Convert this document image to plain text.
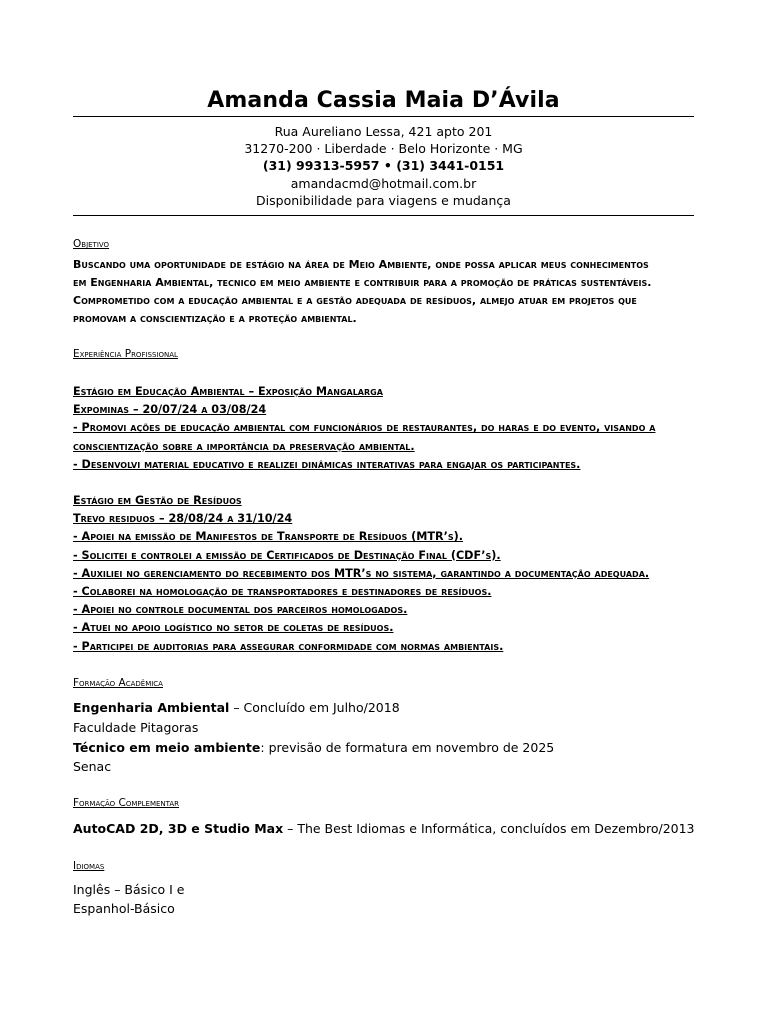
Amanda Cassia Maia D’Ávila
Rua Aureliano Lessa, 421 apto 201
31270-200 · Liberdade · Belo Horizonte · MG
(31) 99313-5957 • (31) 3441-0151
amandacmd@hotmail.com.br
Disponibilidade para viagens e mudança
Objetivo
Buscando uma oportunidade de estágio na área de Meio Ambiente, onde possa aplicar meus conhecimentos
em Engenharia Ambiental, tecnico em meio ambiente e contribuir para a promoção de práticas sustentáveis.
Comprometido com a educação ambiental e a gestão adequada de resíduos, almejo atuar em projetos que
promovam a conscientização e a proteção ambiental.
Experiência Profissional
Estágio em Educação Ambiental – Exposição Mangalarga
Expominas – 20/07/24 a 03/08/24
- Promovi ações de educação ambiental com funcionários de restaurantes, do haras e do evento, visando a
conscientização sobre a importância da preservação ambiental.
- Desenvolvi material educativo e realizei dinâmicas interativas para engajar os participantes.
Estágio em Gestão de Resíduos
Trevo residuos – 28/08/24 a 31/10/24
- Apoiei na emissão de Manifestos de Transporte de Resíduos (MTR’s).
- Solicitei e controlei a emissão de Certificados de Destinação Final (CDF’s).
- Auxiliei no gerenciamento do recebimento dos MTR’s no sistema, garantindo a documentação adequada.
- Colaborei na homologação de transportadores e destinadores de resíduos.
- Apoiei no controle documental dos parceiros homologados.
- Atuei no apoio logístico no setor de coletas de resíduos.
- Participei de auditorias para assegurar conformidade com normas ambientais.
Formação Acadêmica
Engenharia Ambiental – Concluído em Julho/2018
Faculdade Pitagoras
Técnico em meio ambiente: previsão de formatura em novembro de 2025
Senac
Formação Complementar
AutoCAD 2D, 3D e Studio Max – The Best Idiomas e Informática, concluídos em Dezembro/2013
Idiomas
Inglês – Básico I e
Espanhol-Básico
